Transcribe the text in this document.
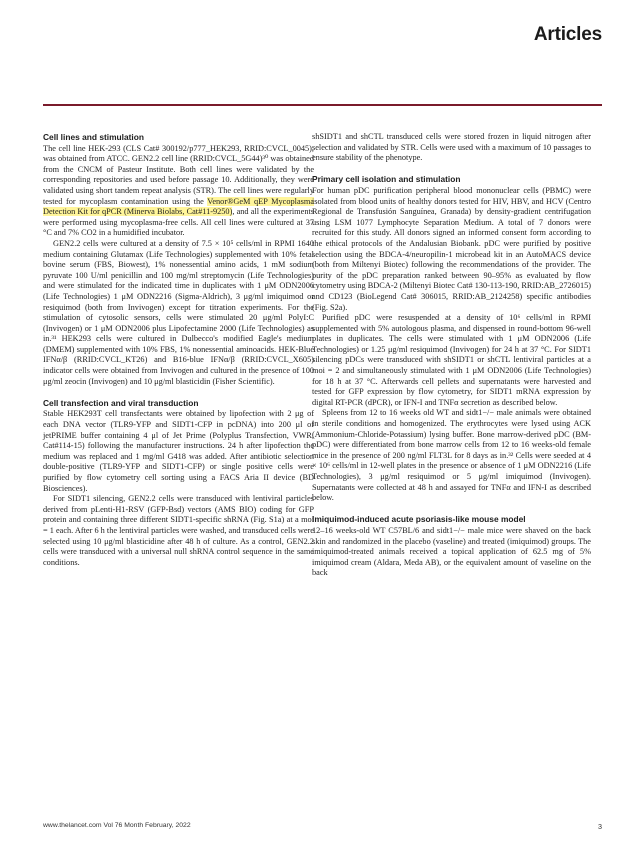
Articles
Cell lines and stimulation

The cell line HEK-293 (CLS Cat# 300192/p777_HEK293, RRID:CVCL_0045), was obtained from ATCC. GEN2.2 cell line (RRID:CVCL_5G44)³⁰ was obtained from the CNCM of Pasteur Institute. Both cell lines were validated by the corresponding repositories and used before passage 10. Additionally, they were validated using short tandem repeat analysis (STR). The cell lines were regularly tested for mycoplasm contamination using the Venor®GeM qEP Mycoplasma Detection Kit for qPCR (Minerva Biolabs, Cat#11-9250), and all the experiments were performed using mycoplasma-free cells. All cell lines were cultured at 37 °C and 7% CO2 in a humidified incubator.

GEN2.2 cells were cultured at a density of 7.5 × 10⁵ cells/ml in RPMI 1640 medium containing Glutamax (Life Technologies) supplemented with 10% fetal bovine serum (FBS, Biowest), 1% nonessential amino acids, 1 mM sodium pyruvate 100 U/ml penicillin and 100 mg/ml streptomycin (Life Technologies) and were stimulated for the indicated time in duplicates with 1 μM ODN2006 (Life Technologies) 1 μM ODN2216 (Sigma-Aldrich), 3 μg/ml imiquimod or resiquimod (both from Invivogen) except for titration experiments. For the stimulation of cytosolic sensors, cells were stimulated 20 μg/ml PolyI:C (Invivogen) or 1 μM ODN2006 plus Lipofectamine 2000 (Life Technologies) as in.³¹ HEK293 cells were cultured in Dulbecco's modified Eagle's medium (DMEM) supplemented with 10% FBS, 1% nonessential aminoacids. HEK-Blue IFNα/β (RRID:CVCL_KT26) and B16-blue IFNα/β (RRID:CVCL_X605) indicator cells were obtained from Invivogen and cultured in the presence of 100 μg/ml zeocin (Invivogen) and 10 μg/ml blasticidin (Fisher Scientific).

Cell transfection and viral transduction

Stable HEK293T cell transfectants were obtained by lipofection with 2 μg of each DNA vector (TLR9-YFP and SIDT1-CFP in pcDNA) into 200 μl of jetPRIME buffer containing 4 μl of Jet Prime (Polyplus Transfection, VWR, Cat#114-15) following the manufacturer instructions. 24 h after lipofection the medium was replaced and 1 mg/ml G418 was added. After antibiotic selection double-positive (TLR9-YFP and SIDT1-CFP) or single positive cells were purified by flow cytometry cell sorting using a FACS Aria II device (BD Biosciences).

For SIDT1 silencing, GEN2.2 cells were transduced with lentiviral particles derived from pLenti-H1-RSV (GFP-Bsd) vectors (AMS BIO) coding for GFP protein and containing three different SIDT1-specific shRNA (Fig. S1a) at a moi = 1 each. After 6 h the lentiviral particles were washed, and transduced cells were selected using 10 μg/ml blasticidine after 48 h of culture. As a control, GEN2.2 cells were transduced with a universal null shRNA control sequence in the same conditions.

shSIDT1 and shCTL transduced cells were stored frozen in liquid nitrogen after selection and validated by STR. Cells were used with a maximum of 10 passages to ensure stability of the phenotype.

Primary cell isolation and stimulation

For human pDC purification peripheral blood mononuclear cells (PBMC) were isolated from blood units of healthy donors tested for HIV, HBV, and HCV (Centro Regional de Transfusión Sanguínea, Granada) by density-gradient centrifugation using LSM 1077 Lymphocyte Separation Medium. A total of 7 donors were recruited for this study. All donors signed an informed consent form according to the ethical protocols of the Andalusian Biobank. pDC were purified by positive selection using the BDCA-4/neuropilin-1 microbead kit in an AutoMACS device (both from Miltenyi Biotec) following the recommendations of the provider. The purity of the pDC preparation ranked between 90–95% as evaluated by flow cytometry using BDCA-2 (Miltenyi Biotec Cat# 130-113-190, RRID:AB_2726015) and CD123 (BioLegend Cat# 306015, RRID:AB_2124258) specific antibodies (Fig. S2a).

Purified pDC were resuspended at a density of 10⁶ cells/ml in RPMI supplemented with 5% autologous plasma, and dispensed in round-bottom 96-well plates in duplicates. The cells were stimulated with 1 μM ODN2006 (Life Technologies) or 1.25 μg/ml resiquimod (Invivogen) for 24 h at 37 °C. For SIDT1 silencing pDCs were transduced with shSIDT1 or shCTL lentiviral particles at a moi = 2 and simultaneously stimulated with 1 μM ODN2006 (Life Technologies) for 18 h at 37 °C. Afterwards cell pellets and supernatants were harvested and tested for GFP expression by flow cytometry, for SIDT1 mRNA expression by digital RT-PCR (dPCR), or IFN-I and TNFα secretion as described below.

Spleens from 12 to 16 weeks old WT and sidt1−/− male animals were obtained in sterile conditions and homogenized. The erythrocytes were lysed using ACK (Ammonium-Chloride-Potassium) lysing buffer. Bone marrow-derived pDC (BM-pDC) were differentiated from bone marrow cells from 12 to 16 weeks-old female mice in the presence of 200 ng/ml FLT3L for 8 days as in.³² Cells were seeded at 4 × 10⁶ cells/ml in 12-well plates in the presence or absence of 1 μM ODN2216 (Life Technologies), 3 μg/ml resiquimod or 5 μg/ml imiquimod (Invivogen). Supernatants were collected at 48 h and assayed for TNFα and IFN-I as described below.

Imiquimod-induced acute psoriasis-like mouse model

12–16 weeks-old WT C57BL/6 and sidt1−/− male mice were shaved on the back skin and randomized in the placebo (vaseline) and treated (imiquimod) groups. The imiquimod-treated animals received a topical application of 62.5 mg of 5% imiquimod cream (Aldara, Meda AB), or the equivalent amount of vaseline on the back

www.thelancet.com Vol 76 Month February, 2022	3
